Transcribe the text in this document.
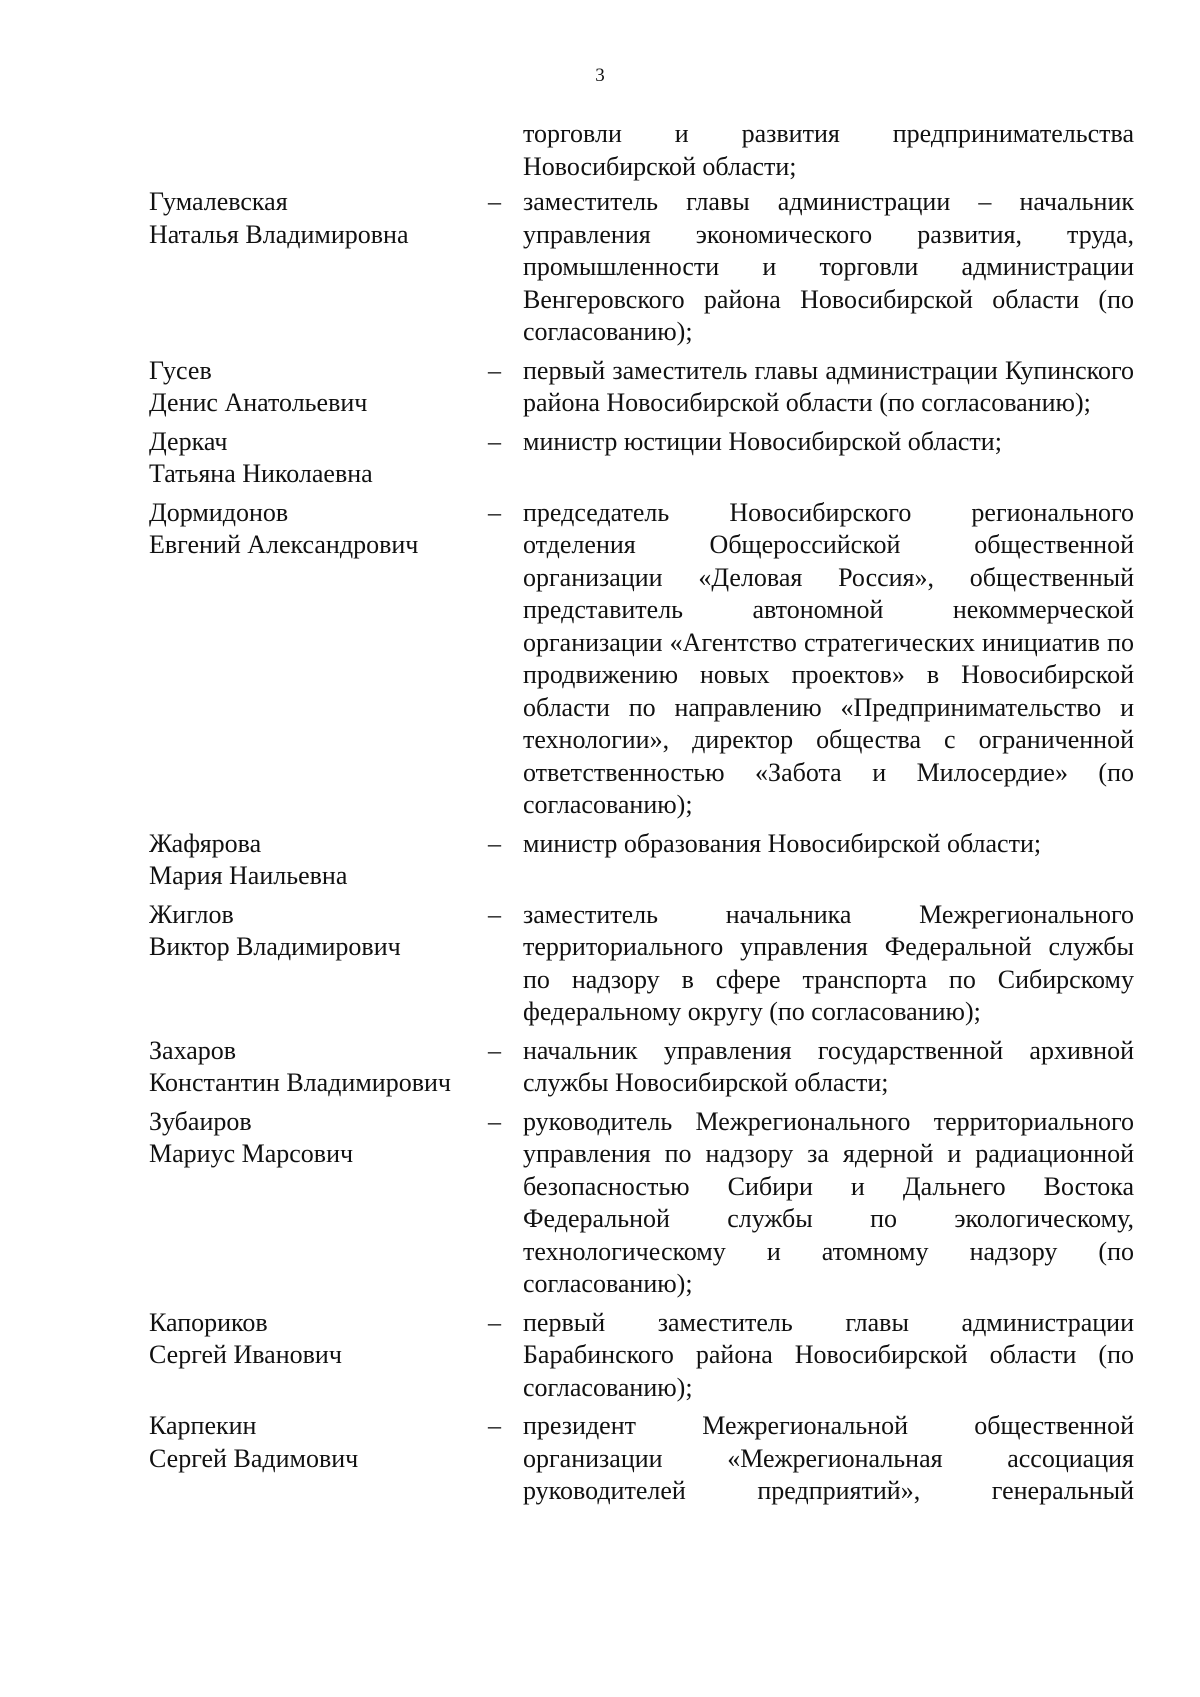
3
торговли и развития предпринимательства Новосибирской области;
Гумалевская
Наталья Владимировна
– заместитель главы администрации – начальник управления экономического развития, труда, промышленности и торговли администрации Венгеровского района Новосибирской области (по согласованию);
Гусев
Денис Анатольевич
– первый заместитель главы администрации Купинского района Новосибирской области (по согласованию);
Деркач
Татьяна Николаевна
– министр юстиции Новосибирской области;
Дормидонов
Евгений Александрович
– председатель Новосибирского регионального отделения Общероссийской общественной организации «Деловая Россия», общественный представитель автономной некоммерческой организации «Агентство стратегических инициатив по продвижению новых проектов» в Новосибирской области по направлению «Предпринимательство и технологии», директор общества с ограниченной ответственностью «Забота и Милосердие» (по согласованию);
Жафярова
Мария Наильевна
– министр образования Новосибирской области;
Жиглов
Виктор Владимирович
– заместитель начальника Межрегионального территориального управления Федеральной службы по надзору в сфере транспорта по Сибирскому федеральному округу (по согласованию);
Захаров
Константин Владимирович
– начальник управления государственной архивной службы Новосибирской области;
Зубаиров
Мариус Марсович
– руководитель Межрегионального территориального управления по надзору за ядерной и радиационной безопасностью Сибири и Дальнего Востока Федеральной службы по экологическому, технологическому и атомному надзору (по согласованию);
Капориков
Сергей Иванович
– первый заместитель главы администрации Барабинского района Новосибирской области (по согласованию);
Карпекин
Сергей Вадимович
– президент Межрегиональной общественной организации «Межрегиональная ассоциация руководителей предприятий», генеральный
